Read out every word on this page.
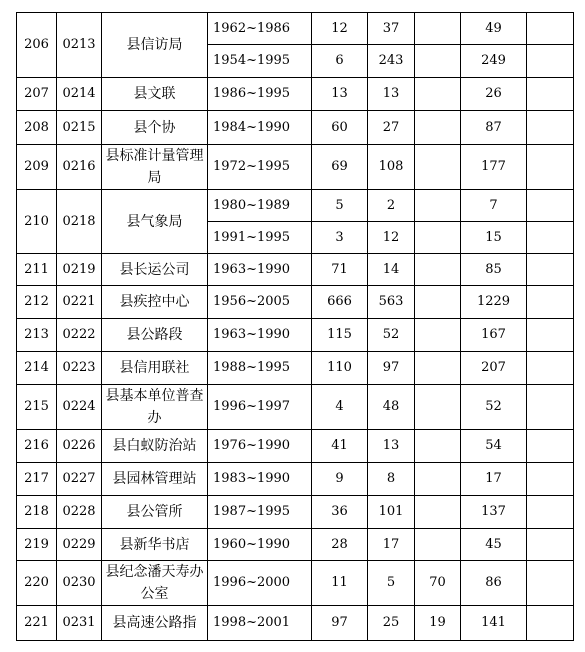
206	0213	县信访局	1962~1986	12	37		49	
			1954~1995	6	243		249	
207	0214	县文联	1986~1995	13	13		26	
208	0215	县个协	1984~1990	60	27		87	
209	0216	县标准计量管理局	1972~1995	69	108		177	
210	0218	县气象局	1980~1989	5	2		7	
			1991~1995	3	12		15	
211	0219	县长运公司	1963~1990	71	14		85	
212	0221	县疾控中心	1956~2005	666	563		1229	
213	0222	县公路段	1963~1990	115	52		167	
214	0223	县信用联社	1988~1995	110	97		207	
215	0224	县基本单位普查办	1996~1997	4	48		52	
216	0226	县白蚁防治站	1976~1990	41	13		54	
217	0227	县园林管理站	1983~1990	9	8		17	
218	0228	县公管所	1987~1995	36	101		137	
219	0229	县新华书店	1960~1990	28	17		45	
220	0230	县纪念潘天寿办公室	1996~2000	11	5	70	86	
221	0231	县高速公路指	1998~2001	97	25	19	141	
